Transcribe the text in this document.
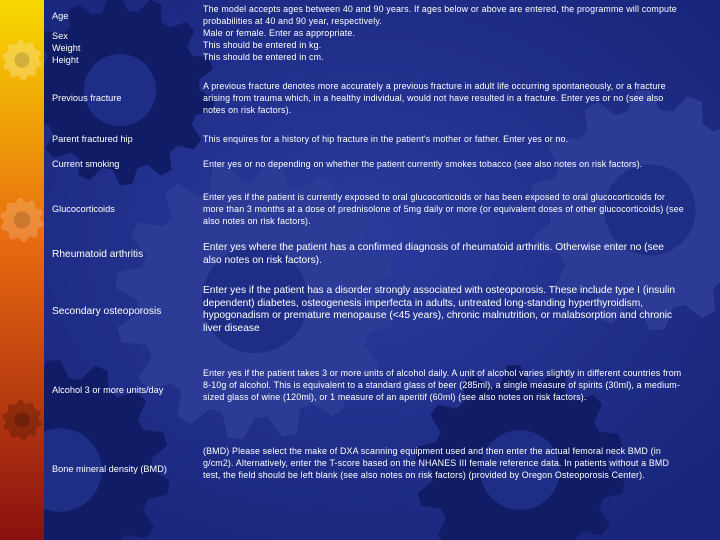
Age
Sex
Weight
Height
The model accepts ages between 40 and 90 years. If ages below or above are entered, the programme will compute probabilities at 40 and 90 year, respectively.
Male or female. Enter as appropriate.
This should be entered in kg.
This should be entered in cm.
Previous fracture
A previous fracture denotes more accurately a previous fracture in adult life occurring spontaneously, or a fracture arising from trauma which, in a healthy individual, would not have resulted in a fracture. Enter yes or no (see also notes on risk factors).
Parent fractured hip	This enquires for a history of hip fracture in the patient's mother or father. Enter yes or no.
Current smoking	Enter yes or no depending on whether the patient currently smokes tobacco (see also notes on risk factors).
Glucocorticoids
Enter yes if the patient is currently exposed to oral glucocorticoids or has been exposed to oral glucocorticoids for more than 3 months at a dose of prednisolone of 5mg daily or more (or equivalent doses of other glucocorticoids) (see also notes on risk factors).
Rheumatoid arthritis
Enter yes where the patient has a confirmed diagnosis of rheumatoid arthritis. Otherwise enter no (see also notes on risk factors).
Secondary osteoporosis
Enter yes if the patient has a disorder strongly associated with osteoporosis. These include type I (insulin dependent) diabetes, osteogenesis imperfecta in adults, untreated long-standing hyperthyroidism, hypogonadism or premature menopause (<45 years), chronic malnutrition, or malabsorption and chronic liver disease
Alcohol 3 or more units/day
Enter yes if the patient takes 3 or more units of alcohol daily. A unit of alcohol varies slightly in different countries from 8-10g of alcohol. This is equivalent to a standard glass of beer (285ml), a single measure of spirits (30ml), a medium-sized glass of wine (120ml), or 1 measure of an aperitif (60ml) (see also notes on risk factors).
Bone mineral density (BMD)
(BMD) Please select the make of DXA scanning equipment used and then enter the actual femoral neck BMD (in g/cm2). Alternatively, enter the T-score based on the NHANES III female reference data. In patients without a BMD test, the field should be left blank (see also notes on risk factors) (provided by Oregon Osteoporosis Center).
